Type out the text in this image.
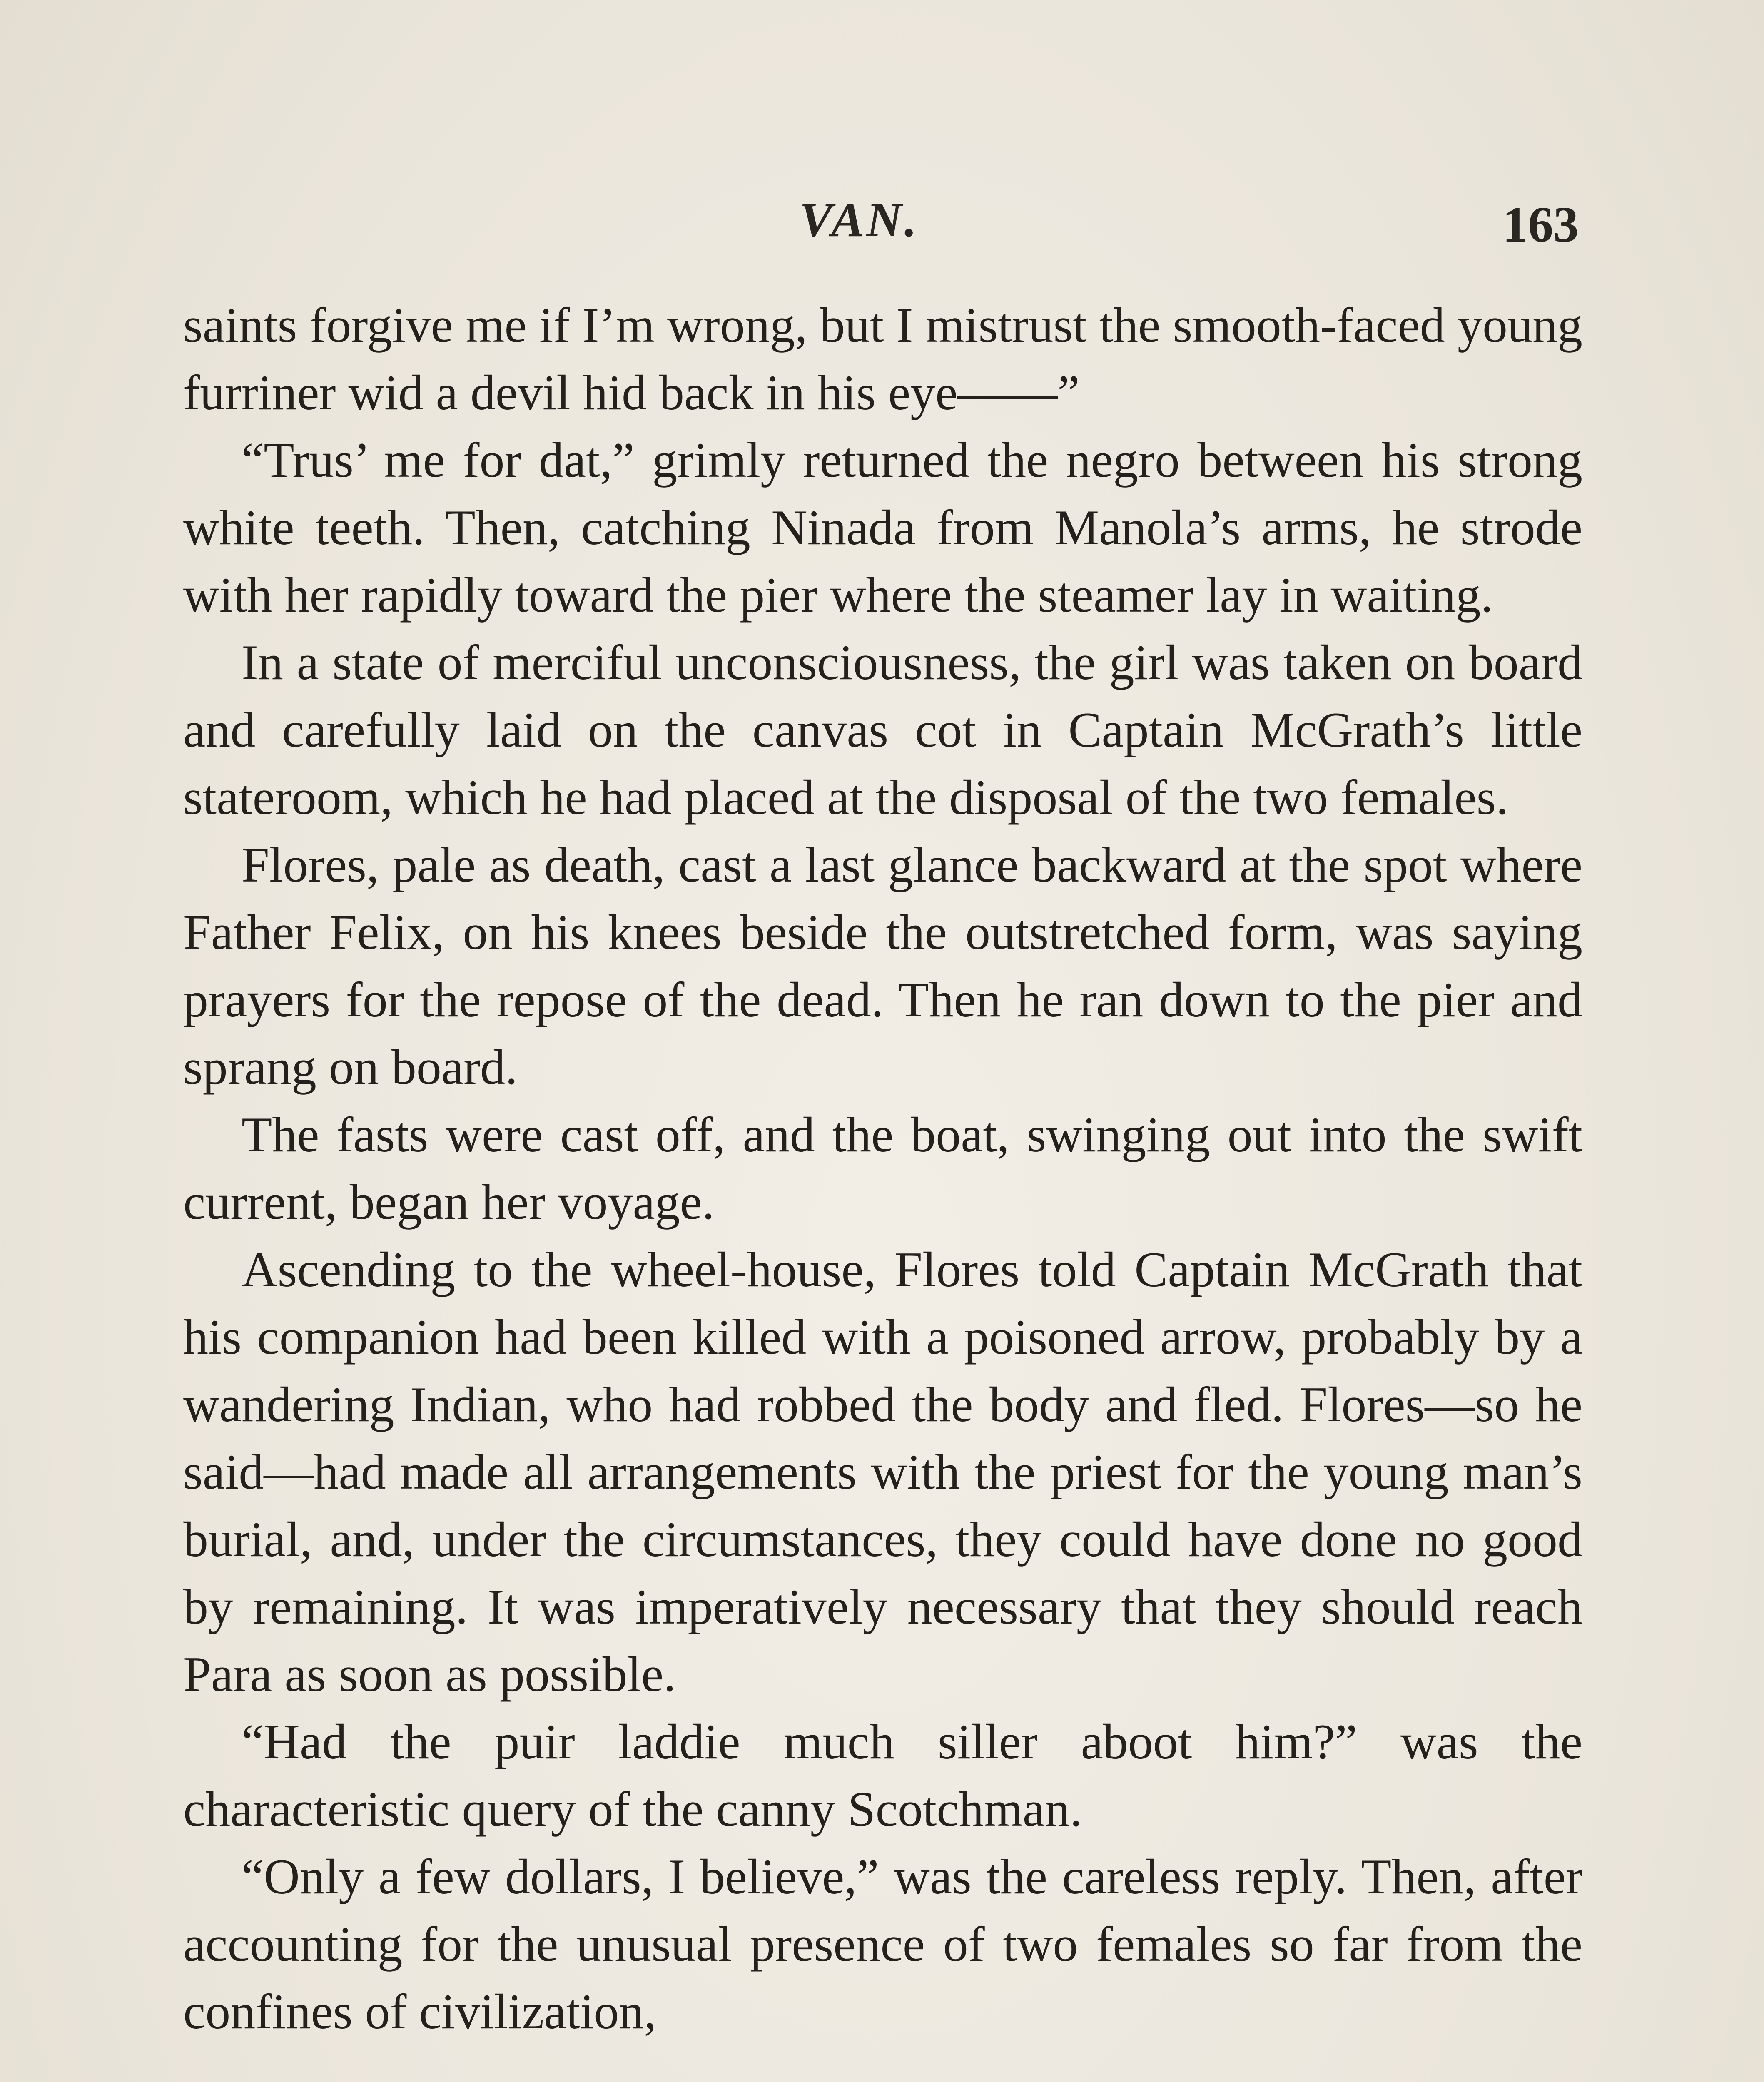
VAN.	163

saints forgive me if I’m wrong, but I mistrust the smooth-faced young furriner wid a devil hid back in his eye——”

“Trus’ me for dat,” grimly returned the negro between his strong white teeth. Then, catching Ninada from Manola’s arms, he strode with her rapidly toward the pier where the steamer lay in waiting.

In a state of merciful unconsciousness, the girl was taken on board and carefully laid on the canvas cot in Captain McGrath’s little stateroom, which he had placed at the disposal of the two females.

Flores, pale as death, cast a last glance backward at the spot where Father Felix, on his knees beside the outstretched form, was saying prayers for the repose of the dead. Then he ran down to the pier and sprang on board.

The fasts were cast off, and the boat, swinging out into the swift current, began her voyage.

Ascending to the wheel-house, Flores told Captain McGrath that his companion had been killed with a poisoned arrow, probably by a wandering Indian, who had robbed the body and fled. Flores—so he said—had made all arrangements with the priest for the young man’s burial, and, under the circumstances, they could have done no good by remaining. It was imperatively necessary that they should reach Para as soon as possible.

“Had the puir laddie much siller aboot him?” was the characteristic query of the canny Scotchman.

“Only a few dollars, I believe,” was the careless reply. Then, after accounting for the unusual presence of two females so far from the confines of civilization,
